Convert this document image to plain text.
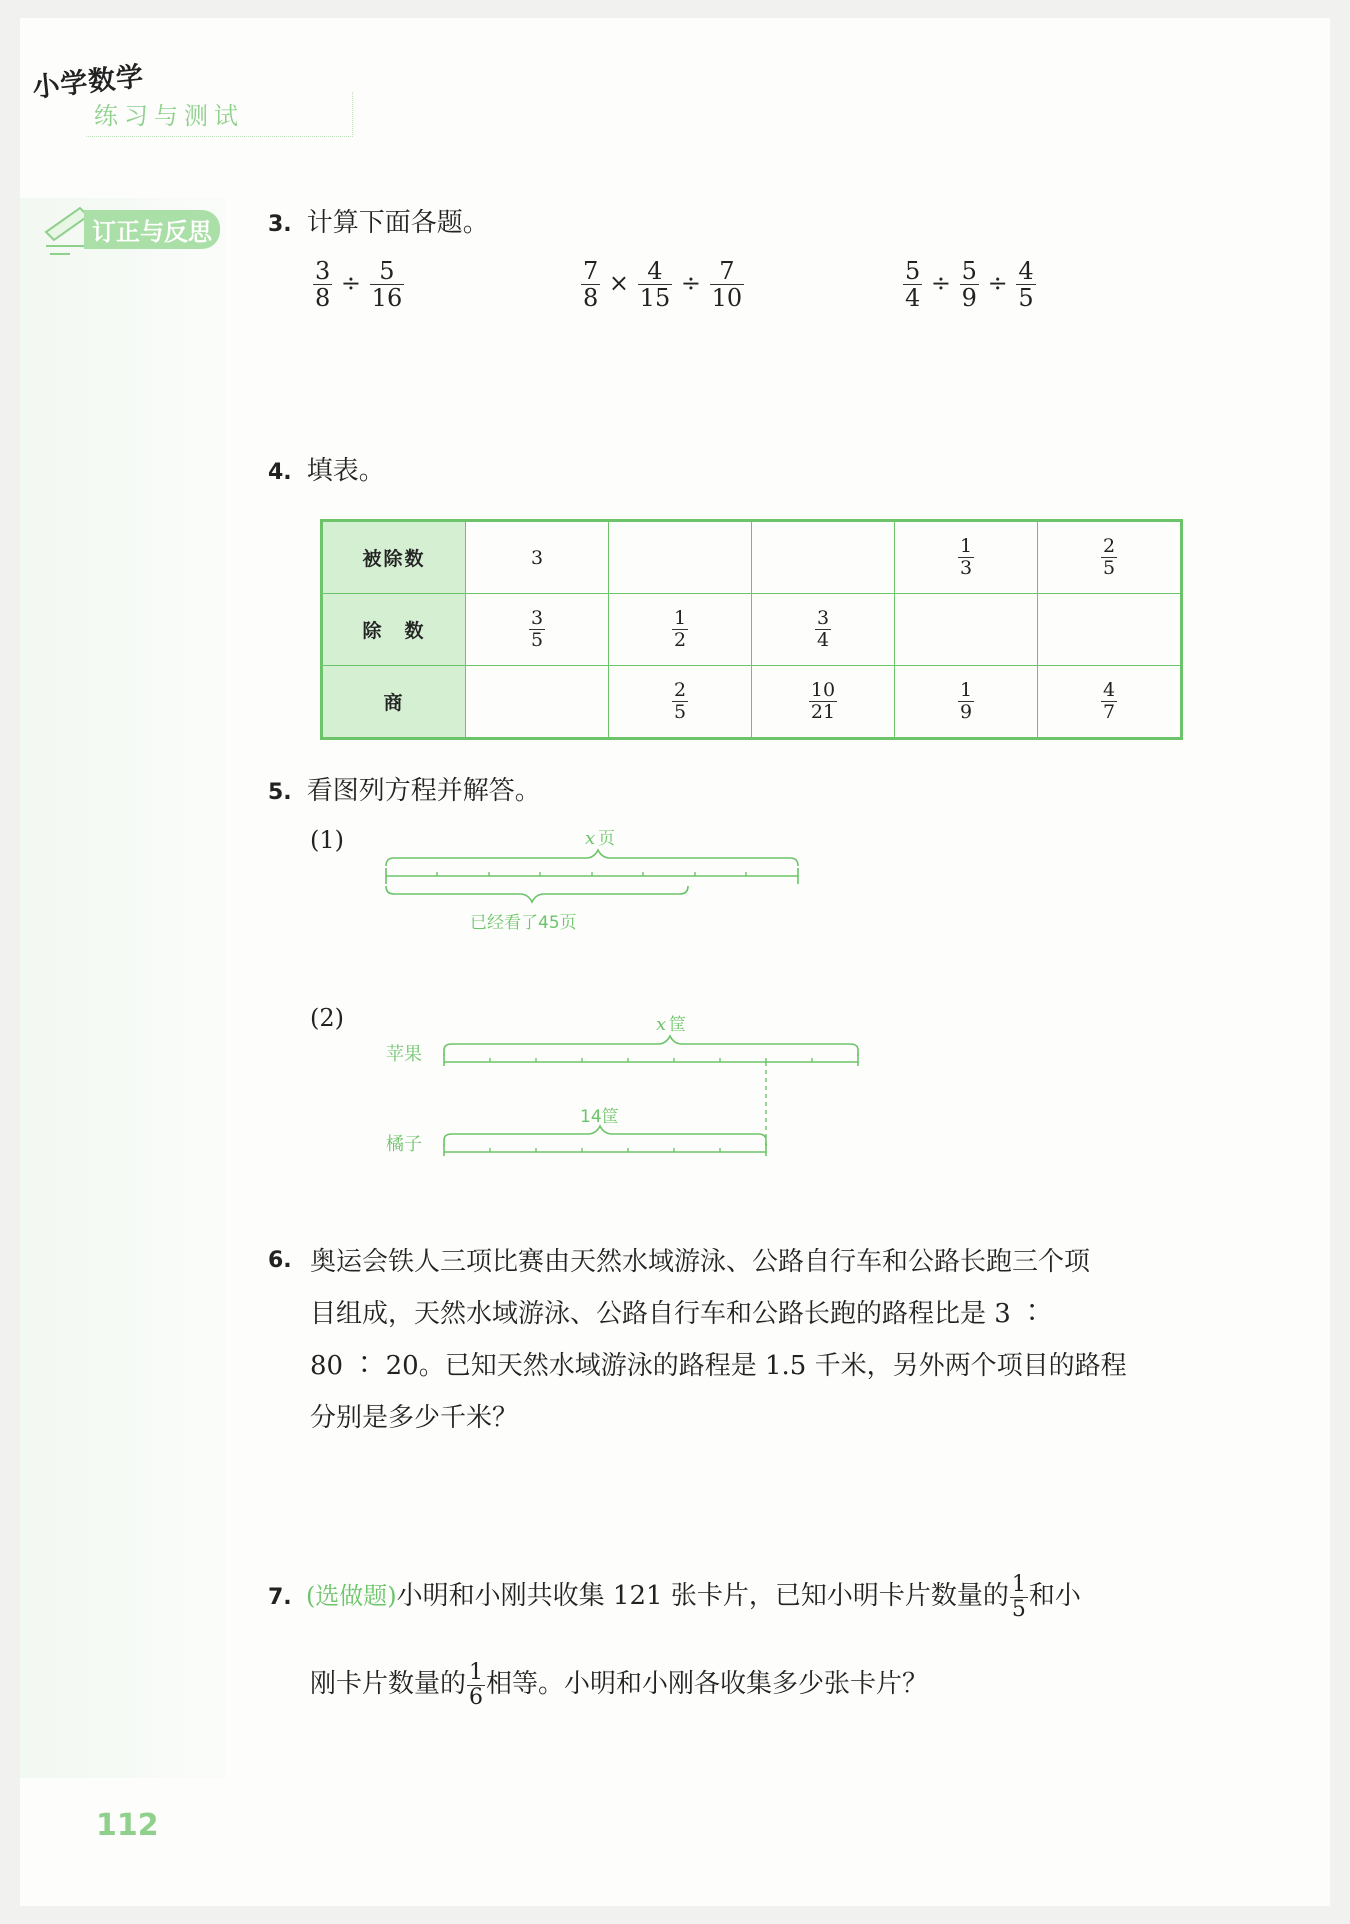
小学数学
练习与测试
订正与反思	3. 计算下面各题。
$\frac{3}{8} \div \frac{5}{16}$	$\frac{7}{8} \times \frac{4}{15} \div \frac{7}{10}$	$\frac{5}{4} \div \frac{5}{9} \div \frac{4}{5}$
4. 填表。
被除数	3			$\frac{1}{3}$	$\frac{2}{5}$

除　数	$\frac{3}{5}$	$\frac{1}{2}$	$\frac{3}{4}$

商		$\frac{2}{5}$	$\frac{10}{21}$	$\frac{1}{9}$	$\frac{4}{7}$
5. 看图列方程并解答。
(1)	x 页
已经看了45页
(2)
苹果
橘子
x 筐
14筐
6. 奥运会铁人三项比赛由天然水域游泳、公路自行车和公路长跑三个项
目组成，天然水域游泳、公路自行车和公路长跑的路程比是 3 ∶
80 ∶ 20。已知天然水域游泳的路程是 1.5 千米，另外两个项目的路程
分别是多少千米？
7. (选做题)小明和小刚共收集 121 张卡片，已知小明卡片数量的 $\frac{1}{5}$ 和小
刚卡片数量的 $\frac{1}{6}$ 相等。小明和小刚各收集多少张卡片？
112
